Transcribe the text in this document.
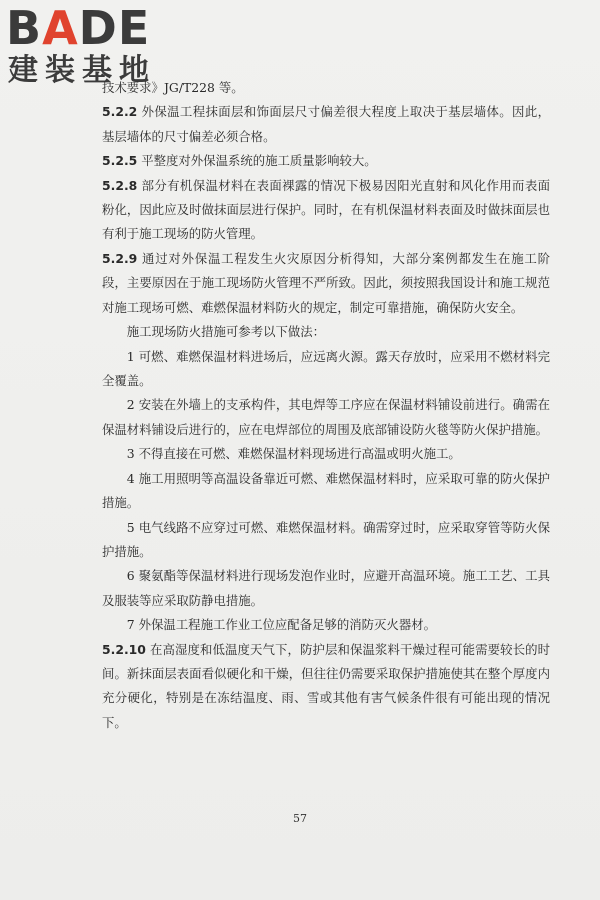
BADE
建装基地

技术要求》JG/T228 等。

5.2.2 外保温工程抹面层和饰面层尺寸偏差很大程度上取决于基层墙体。因此，基层墙体的尺寸偏差必须合格。

5.2.5 平整度对外保温系统的施工质量影响较大。

5.2.8 部分有机保温材料在表面裸露的情况下极易因阳光直射和风化作用而表面粉化，因此应及时做抹面层进行保护。同时，在有机保温材料表面及时做抹面层也有利于施工现场的防火管理。

5.2.9 通过对外保温工程发生火灾原因分析得知，大部分案例都发生在施工阶段，主要原因在于施工现场防火管理不严所致。因此，须按照我国设计和施工规范对施工现场可燃、难燃保温材料防火的规定，制定可靠措施，确保防火安全。

施工现场防火措施可参考以下做法：

1 可燃、难燃保温材料进场后，应远离火源。露天存放时，应采用不燃材料完全覆盖。

2 安装在外墙上的支承构件，其电焊等工序应在保温材料铺设前进行。确需在保温材料铺设后进行的，应在电焊部位的周围及底部铺设防火毯等防火保护措施。

3 不得直接在可燃、难燃保温材料现场进行高温或明火施工。

4 施工用照明等高温设备靠近可燃、难燃保温材料时，应采取可靠的防火保护措施。

5 电气线路不应穿过可燃、难燃保温材料。确需穿过时，应采取穿管等防火保护措施。

6 聚氨酯等保温材料进行现场发泡作业时，应避开高温环境。施工工艺、工具及服装等应采取防静电措施。

7 外保温工程施工作业工位应配备足够的消防灭火器材。

5.2.10 在高湿度和低温度天气下，防护层和保温浆料干燥过程可能需要较长的时间。新抹面层表面看似硬化和干燥，但往往仍需要采取保护措施使其在整个厚度内充分硬化，特别是在冻结温度、雨、雪或其他有害气候条件很有可能出现的情况下。

57
